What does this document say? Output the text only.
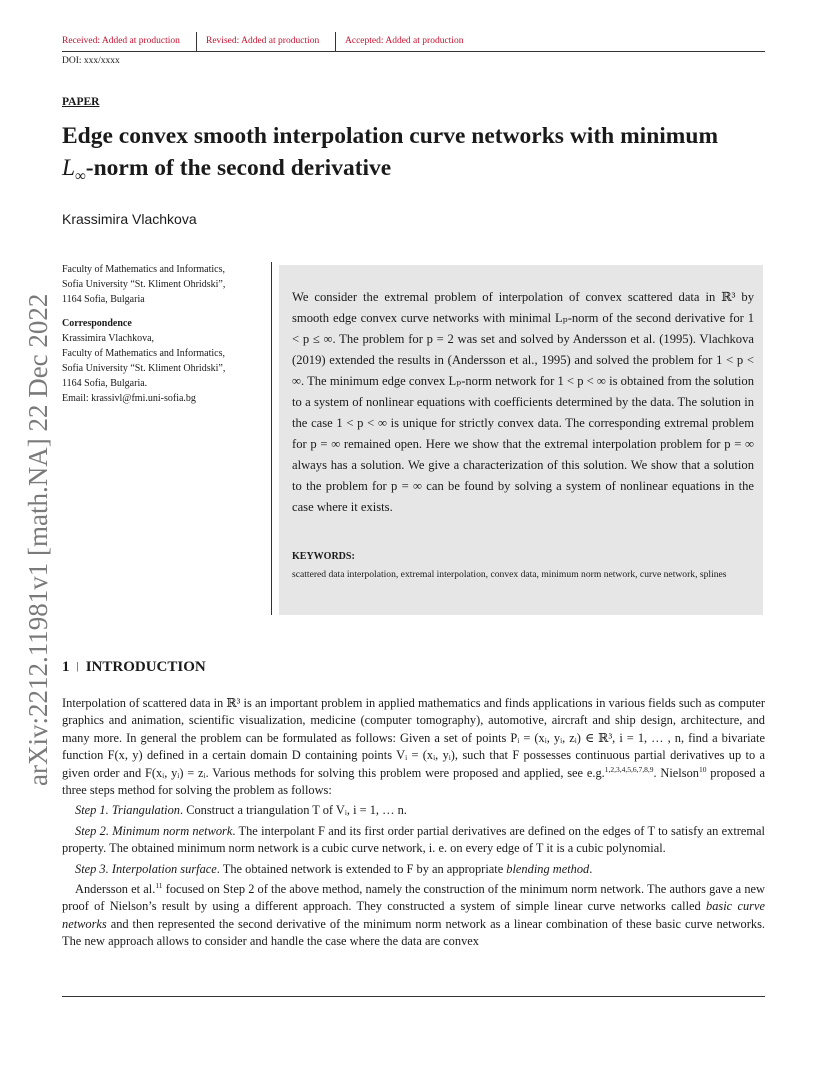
Received: Added at production	Revised: Added at production	Accepted: Added at production
DOI: xxx/xxxx
PAPER
Edge convex smooth interpolation curve networks with minimum
$L_\infty$-norm of the second derivative
Krassimira Vlachkova
arXiv:2212.11981v1 [math.NA] 22 Dec 2022
Faculty of Mathematics and Informatics,
Sofia University “St. Kliment Ohridski”,
1164 Sofia, Bulgaria
Correspondence
Krassimira Vlachkova,
Faculty of Mathematics and Informatics,
Sofia University “St. Kliment Ohridski”,
1164 Sofia, Bulgaria.
Email: krassivl@fmi.uni-sofia.bg
We consider the extremal problem of interpolation of convex scattered data in ℝ³ by smooth edge convex curve networks with minimal Lₚ-norm of the second derivative for 1 < p ≤ ∞. The problem for p = 2 was set and solved by Andersson et al. (1995). Vlachkova (2019) extended the results in (Andersson et al., 1995) and solved the problem for 1 < p < ∞. The minimum edge convex Lₚ-norm network for 1 < p < ∞ is obtained from the solution to a system of nonlinear equations with coefficients determined by the data. The solution in the case 1 < p < ∞ is unique for strictly convex data. The corresponding extremal problem for p = ∞ remained open. Here we show that the extremal interpolation problem for p = ∞ always has a solution. We give a characterization of this solution. We show that a solution to the problem for p = ∞ can be found by solving a system of nonlinear equations in the case where it exists.
KEYWORDS:
scattered data interpolation, extremal interpolation, convex data, minimum norm network, curve network, splines
1 | INTRODUCTION

Interpolation of scattered data in ℝ³ is an important problem in applied mathematics and finds applications in various fields such as computer graphics and animation, scientific visualization, medicine (computer tomography), automotive, aircraft and ship design, architecture, and many more. In general the problem can be formulated as follows: Given a set of points Pᵢ = (xᵢ, yᵢ, zᵢ) ∈ ℝ³, i = 1, … , n, find a bivariate function F(x, y) defined in a certain domain D containing points Vᵢ = (xᵢ, yᵢ), such that F possesses continuous partial derivatives up to a given order and F(xᵢ, yᵢ) = zᵢ. Various methods for solving this problem were proposed and applied, see e.g.$^{1,2,3,4,5,6,7,8,9}$. Nielson$^{10}$ proposed a three steps method for solving the problem as follows:

Step 1. Triangulation. Construct a triangulation T of Vᵢ, i = 1, … n.

Step 2. Minimum norm network. The interpolant F and its first order partial derivatives are defined on the edges of T to satisfy an extremal property. The obtained minimum norm network is a cubic curve network, i. e. on every edge of T it is a cubic polynomial.

Step 3. Interpolation surface. The obtained network is extended to F by an appropriate blending method.

Andersson et al.$^{11}$ focused on Step 2 of the above method, namely the construction of the minimum norm network. The authors gave a new proof of Nielson’s result by using a different approach. They constructed a system of simple linear curve networks called basic curve networks and then represented the second derivative of the minimum norm network as a linear combination of these basic curve networks. The new approach allows to consider and handle the case where the data are convex
